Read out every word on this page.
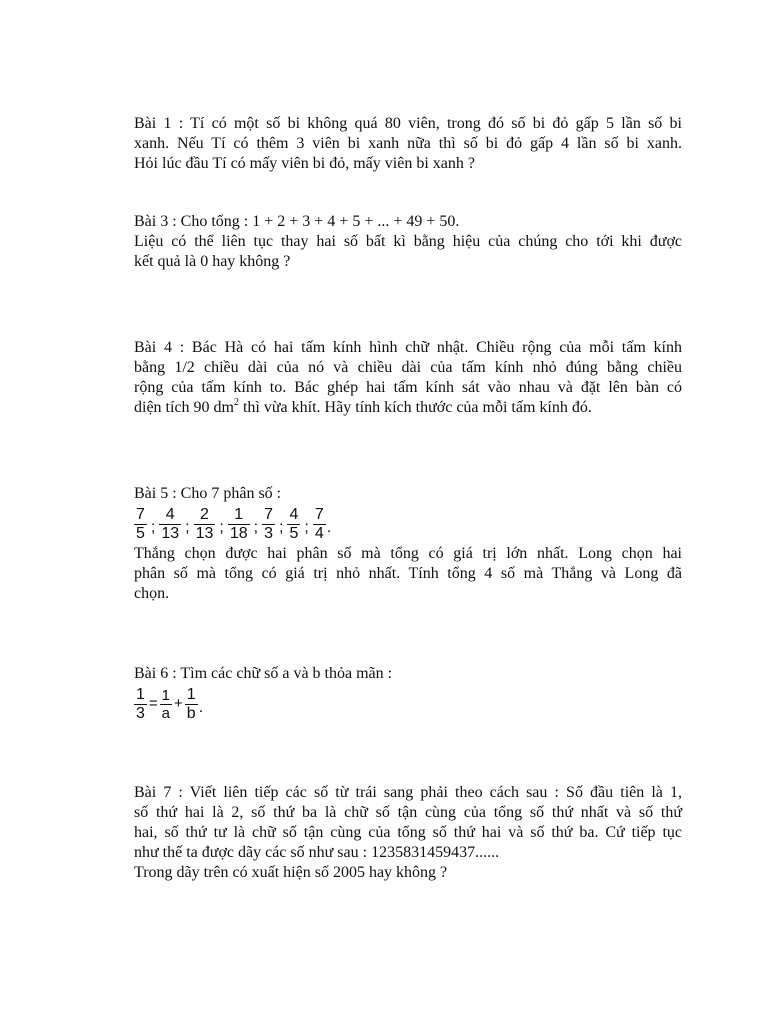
Bài 1 : Tí có một số bi không quá 80 viên, trong đó số bi đỏ gấp 5 lần số bi
xanh. Nếu Tí có thêm 3 viên bi xanh nữa thì số bi đỏ gấp 4 lần số bi xanh.
Hỏi lúc đầu Tí có mấy viên bi đỏ, mấy viên bi xanh ?
Bài 3 : Cho tổng : 1 + 2 + 3 + 4 + 5 + ... + 49 + 50.
Liệu có thể liên tục thay hai số bất kì bằng hiệu của chúng cho tới khi được
kết quả là 0 hay không ?
Bài 4 : Bác Hà có hai tấm kính hình chữ nhật. Chiều rộng của mỗi tấm kính
bằng 1/2 chiều dài của nó và chiều dài của tấm kính nhỏ đúng bằng chiều
rộng của tấm kính to. Bác ghép hai tấm kính sát vào nhau và đặt lên bàn có
diện tích 90 $dm^2$ thì vừa khít. Hãy tính kích thước của mỗi tấm kính đó.
Bài 5 : Cho 7 phân số :
$\frac{7}{5}$ ; $\frac{4}{13}$ ; $\frac{2}{13}$ ; $\frac{1}{18}$ ; $\frac{7}{3}$ ; $\frac{4}{5}$ ; $\frac{7}{4}$ .
Thắng chọn được hai phân số mà tổng có giá trị lớn nhất. Long chọn hai
phân số mà tổng có giá trị nhỏ nhất. Tính tổng 4 số mà Thắng và Long đã
chọn.
Bài 6 : Tìm các chữ số a và b thỏa mãn :
$\frac{1}{3} = \frac{1}{a} + \frac{1}{b}$ .
Bài 7 : Viết liên tiếp các số từ trái sang phải theo cách sau : Số đầu tiên là 1,
số thứ hai là 2, số thứ ba là chữ số tận cùng của tổng số thứ nhất và số thứ
hai, số thứ tư là chữ số tận cùng của tổng số thứ hai và số thứ ba. Cứ tiếp tục
như thế ta được dãy các số như sau : 1235831459437......
Trong dãy trên có xuất hiện số 2005 hay không ?
